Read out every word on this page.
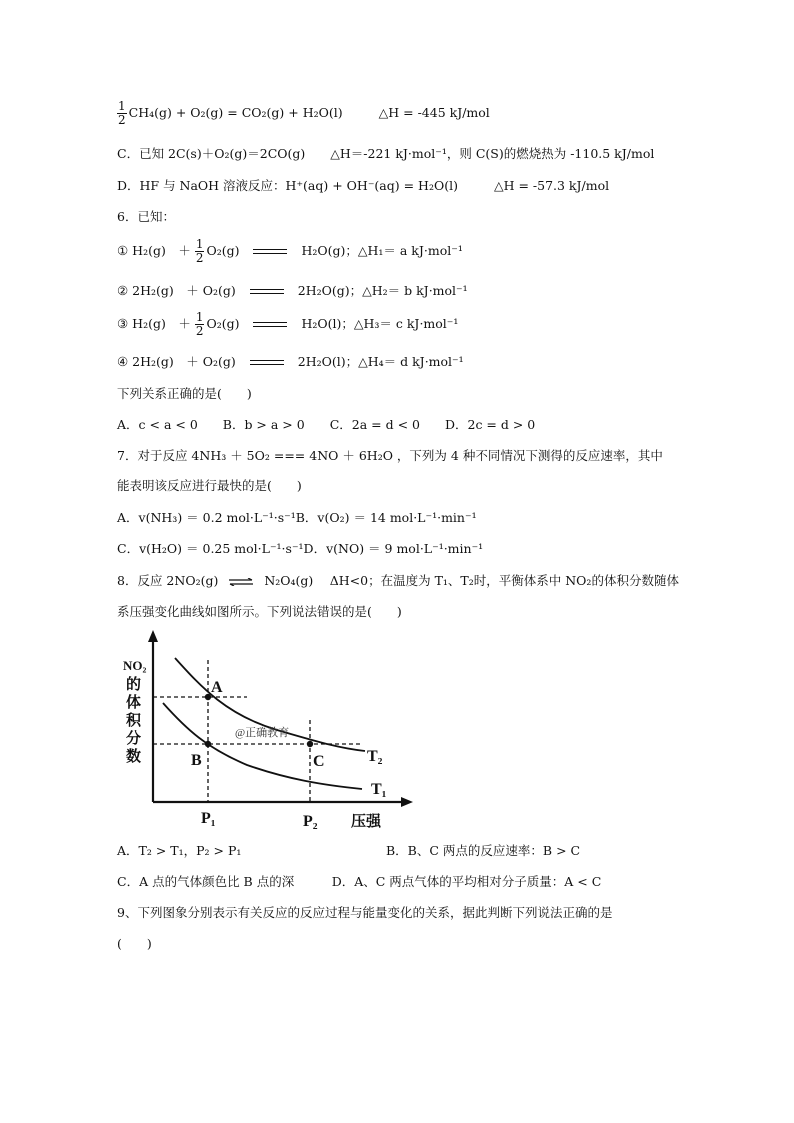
$\frac{1}{2} CH_4(g) + O_2(g) = CO_2(g) + H_2O(l)$	△H = -445 kJ/mol
C．已知 2C(s)＋O₂(g)＝2CO(g)　　△H＝-221 kJ·mol⁻¹，则 C(S)的燃烧热为 -110.5 kJ/mol
D．HF 与 NaOH 溶液反应：H⁺(aq) + OH⁻(aq) = H₂O(l)	△H = -57.3 kJ/mol
6．已知：
① H₂(g)　＋ $\frac{1}{2} O_2(g)$	H₂O(g)；△H₁＝ a kJ·mol⁻¹
② 2H₂(g)　＋ O₂(g)	2H₂O(g)；△H₂＝ b kJ·mol⁻¹
③ H₂(g)　＋ $\frac{1}{2} O_2(g)$	H₂O(l)；△H₃＝ c kJ·mol⁻¹
④ 2H₂(g)　＋ O₂(g)	2H₂O(l)；△H₄＝ d kJ·mol⁻¹
下列关系正确的是(　　)
A．c < a < 0　　B．b > a > 0　　C．2a = d < 0　　D．2c = d > 0
7．对于反应 4NH₃ ＋ 5O₂ === 4NO ＋ 6H₂O ，下列为 4 种不同情况下测得的反应速率，其中
能表明该反应进行最快的是(　　)
A．v(NH₃) ＝ 0.2 mol·L⁻¹·s⁻¹B．v(O₂) ＝ 14 mol·L⁻¹·min⁻¹
C．v(H₂O) ＝ 0.25 mol·L⁻¹·s⁻¹D．v(NO) ＝ 9 mol·L⁻¹·min⁻¹
8．反应 2NO₂(g) ⇌ N₂O₄(g)　 ΔH<0；在温度为 T₁、T₂时，平衡体系中 NO₂的体积分数随体
系压强变化曲线如图所示。下列说法错误的是(　　)
NO₂
的
体
积
分
数
A
B	C	T₂
T₁
@正确教育
P₁	P₂ 压强
A．T₂ > T₁，P₂ > P₁	B．B、C 两点的反应速率：B > C
C．A 点的气体颜色比 B 点的深　　　D．A、C 两点气体的平均相对分子质量：A < C
9、下列图象分别表示有关反应的反应过程与能量变化的关系，据此判断下列说法正确的是
(　　)
